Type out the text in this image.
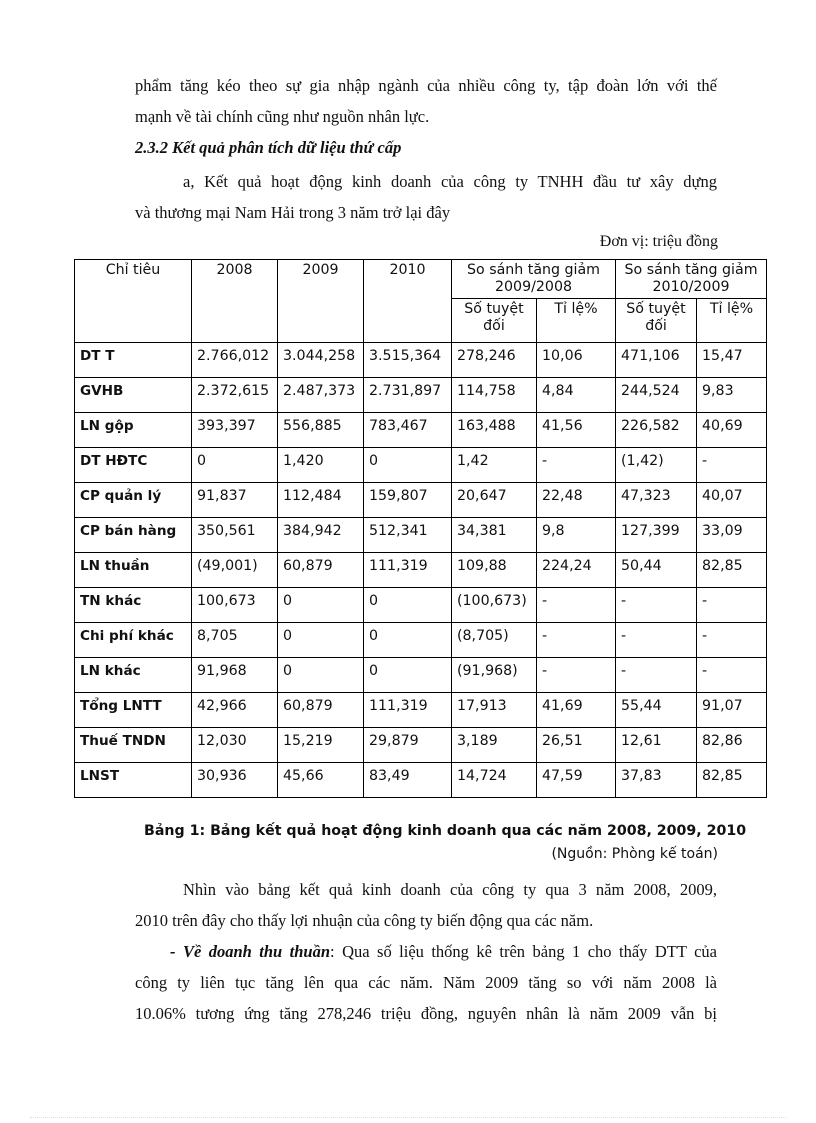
phẩm tăng kéo theo sự gia nhập ngành của nhiều công ty, tập đoàn lớn với thế
mạnh về tài chính cũng như nguồn nhân lực.
2.3.2 Kết quả phân tích dữ liệu thứ cấp
a, Kết quả hoạt động kinh doanh của công ty TNHH đầu tư xây dựng
và thương mại Nam Hải trong 3 năm trở lại đây
Đơn vị: triệu đồng
Chỉ tiêu	2008	2009	2010	So sánh tăng giảm 2009/2008		So sánh tăng giảm 2010/2009	
				Số tuyệt đối	Tỉ lệ%	Số tuyệt đối	Tỉ lệ%
DT T	2.766,012	3.044,258	3.515,364	278,246	10,06	471,106	15,47
GVHB	2.372,615	2.487,373	2.731,897	114,758	4,84	244,524	9,83
LN gộp	393,397	556,885	783,467	163,488	41,56	226,582	40,69
DT HĐTC	0	1,420	0	1,42	-	(1,42)	-
CP quản lý	91,837	112,484	159,807	20,647	22,48	47,323	40,07
CP bán hàng	350,561	384,942	512,341	34,381	9,8	127,399	33,09
LN thuần	(49,001)	60,879	111,319	109,88	224,24	50,44	82,85
TN khác	100,673	0	0	(100,673)	-	-	-
Chi phí khác	8,705	0	0	(8,705)	-	-	-
LN khác	91,968	0	0	(91,968)	-	-	-
Tổng LNTT	42,966	60,879	111,319	17,913	41,69	55,44	91,07
Thuế TNDN	12,030	15,219	29,879	3,189	26,51	12,61	82,86
LNST	30,936	45,66	83,49	14,724	47,59	37,83	82,85
Bảng 1: Bảng kết quả hoạt động kinh doanh qua các năm 2008, 2009, 2010
(Nguồn: Phòng kế toán)
Nhìn vào bảng kết quả kinh doanh của công ty qua 3 năm 2008, 2009,
2010 trên đây cho thấy lợi nhuận của công ty biến động qua các năm.
- Về doanh thu thuần: Qua số liệu thống kê trên bảng 1 cho thấy DTT của
công ty liên tục tăng lên qua các năm. Năm 2009 tăng so với năm 2008 là
10.06% tương ứng tăng 278,246 triệu đồng, nguyên nhân là năm 2009 vẫn bị
